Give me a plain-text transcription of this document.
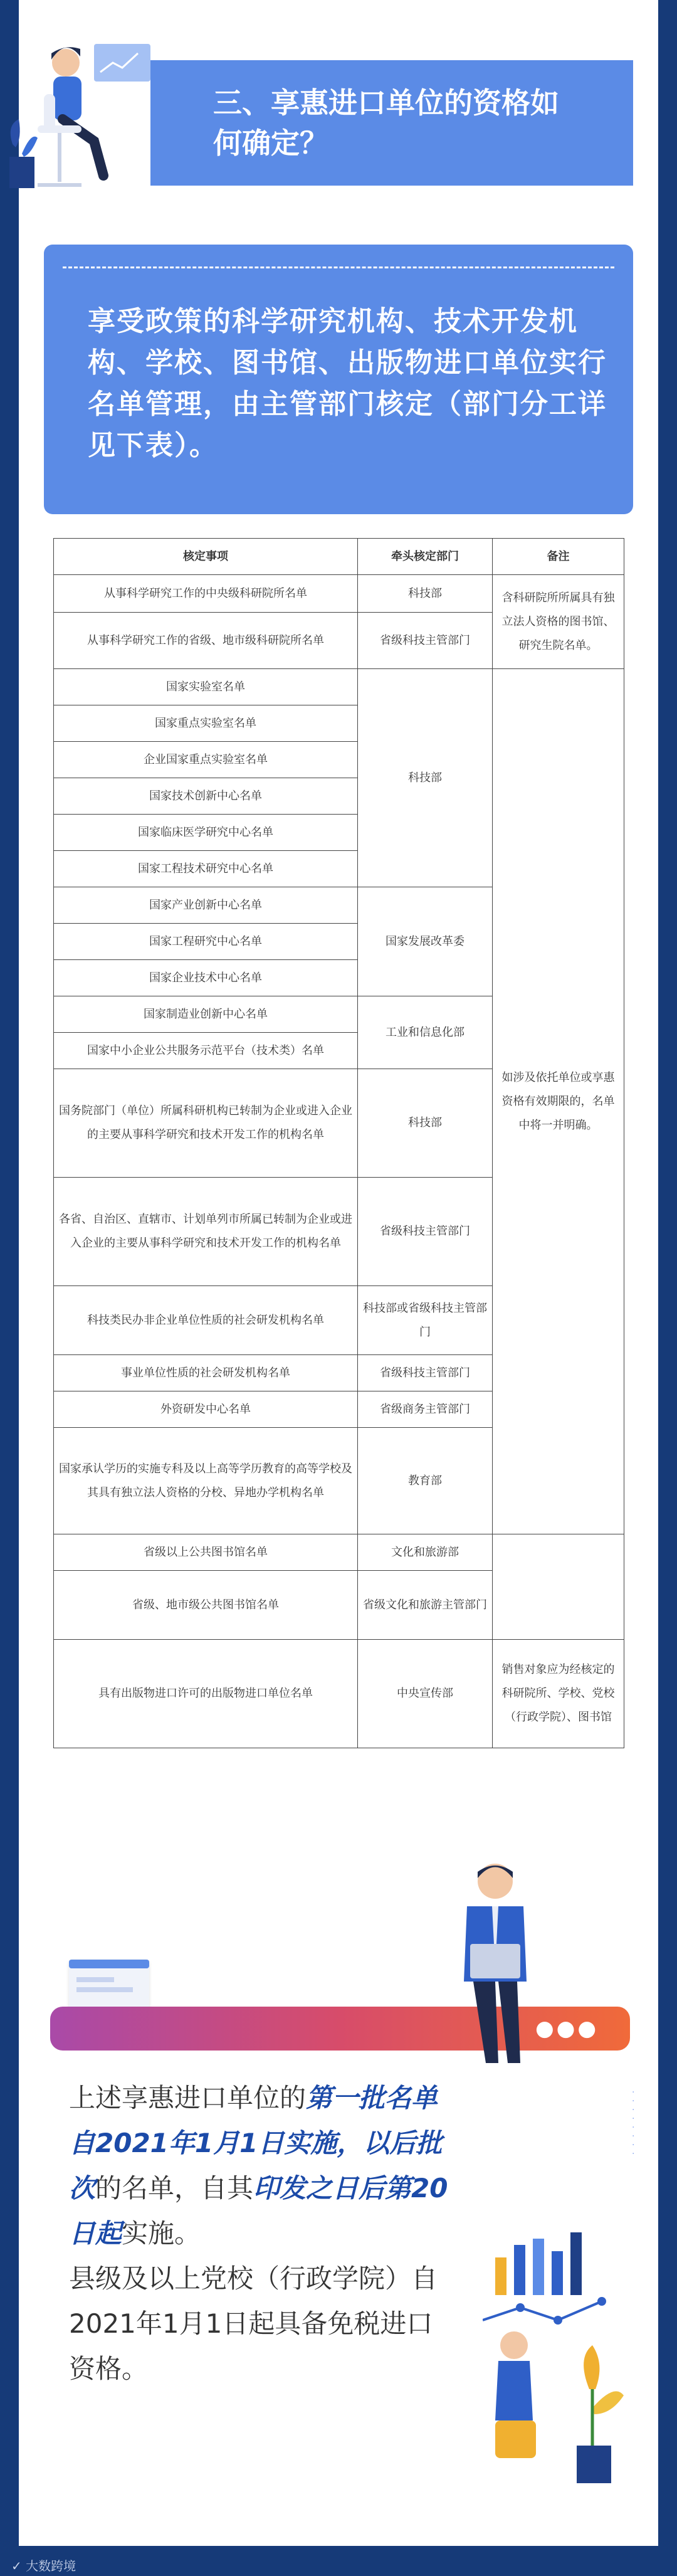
三、享惠进口单位的资格如
何确定？
享受政策的科学研究机构、技术开发机构、学校、图书馆、出版物进口单位实行名单管理，由主管部门核定（部门分工详见下表）。
核定事项	牵头核定部门	备注	
从事科学研究工作的中央级科研院所名单	科技部	含科研院所所属具有独立法人资格的图书馆、研究生院名单。	
从事科学研究工作的省级、地市级科研院所名单	省级科技主管部门		
国家实验室名单	科技部	如涉及依托单位或享惠资格有效期限的，名单中将一并明确。	
国家重点实验室名单			
企业国家重点实验室名单			
国家技术创新中心名单			
国家临床医学研究中心名单			
国家工程技术研究中心名单			
国家产业创新中心名单	国家发展改革委		
国家工程研究中心名单			
国家企业技术中心名单			
国家制造业创新中心名单	工业和信息化部		
国家中小企业公共服务示范平台（技术类）名单			
国务院部门（单位）所属科研机构已转制为企业或进入企业的主要从事科学研究和技术开发工作的机构名单	科技部		
各省、自治区、直辖市、计划单列市所属已转制为企业或进入企业的主要从事科学研究和技术开发工作的机构名单	省级科技主管部门		
科技类民办非企业单位性质的社会研发机构名单	科技部或省级科技主管部门		
事业单位性质的社会研发机构名单	省级科技主管部门		
外资研发中心名单	省级商务主管部门		
国家承认学历的实施专科及以上高等学历教育的高等学校及其具有独立法人资格的分校、异地办学机构名单	教育部		
省级以上公共图书馆名单	文化和旅游部		
省级、地市级公共图书馆名单	省级文化和旅游主管部门		
具有出版物进口许可的出版物进口单位名单	中央宣传部	销售对象应为经核定的科研院所、学校、党校（行政学院）、图书馆	
●●●
上述享惠进口单位的第一批名单自2021年1月1日实施，以后批次的名单，自其印发之日后第20日起实施。
县级及以上党校（行政学院）自2021年1月1日起具备免税进口资格。
·
·
·
·
·
·
·
·
✓ 大数跨境
